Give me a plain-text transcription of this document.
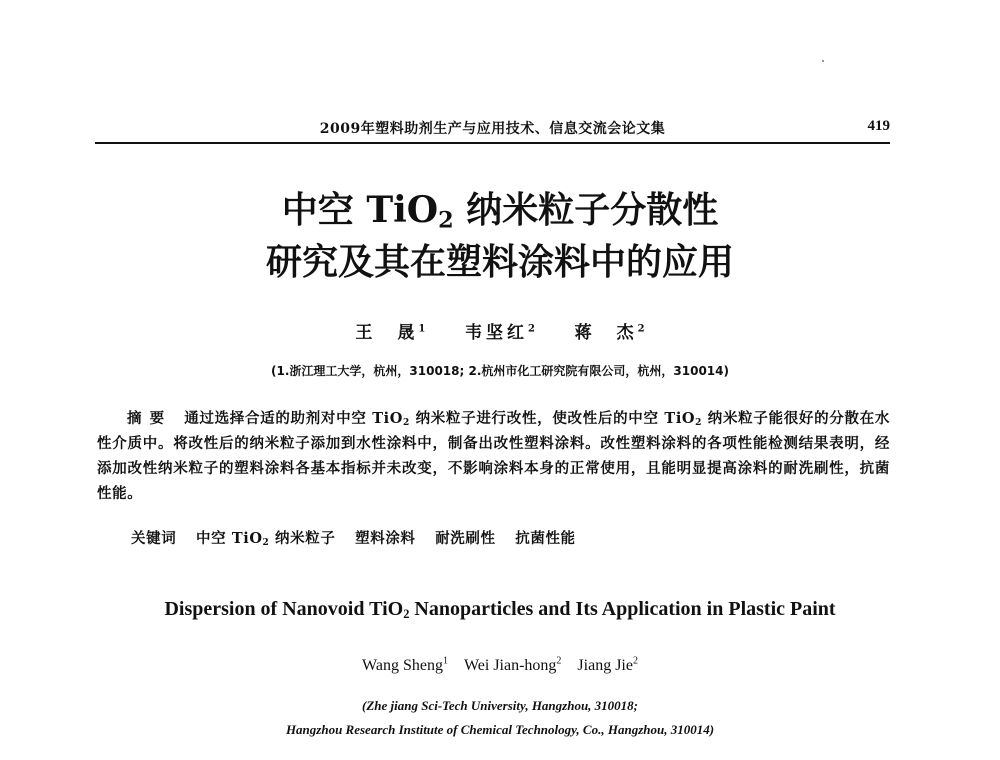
2009年塑料助剂生产与应用技术、信息交流会论文集	419
中空 TiO$_2$ 纳米粒子分散性
研究及其在塑料涂料中的应用
王　晟$^1$ 韦坚红$^2$ 蒋　杰$^2$
(1.浙江理工大学，杭州，310018; 2.杭州市化工研究院有限公司，杭州，310014)
摘要 通过选择合适的助剂对中空 TiO$_2$ 纳米粒子进行改性，使改性后的中空 TiO$_2$ 纳米粒子能很好的分散在水性介质中。将改性后的纳米粒子添加到水性涂料中，制备出改性塑料涂料。改性塑料涂料的各项性能检测结果表明，经添加改性纳米粒子的塑料涂料各基本指标并未改变，不影响涂料本身的正常使用，且能明显提高涂料的耐洗刷性，抗菌性能。
关键词 中空 TiO$_2$ 纳米粒子 塑料涂料 耐洗刷性 抗菌性能
Dispersion of Nanovoid TiO$_2$ Nanoparticles and Its Application in Plastic Paint
Wang Sheng$^1$ Wei Jian-hong$^2$ Jiang Jie$^2$
(Zhe jiang Sci-Tech University, Hangzhou, 310018;
Hangzhou Research Institute of Chemical Technology, Co., Hangzhou, 310014)
